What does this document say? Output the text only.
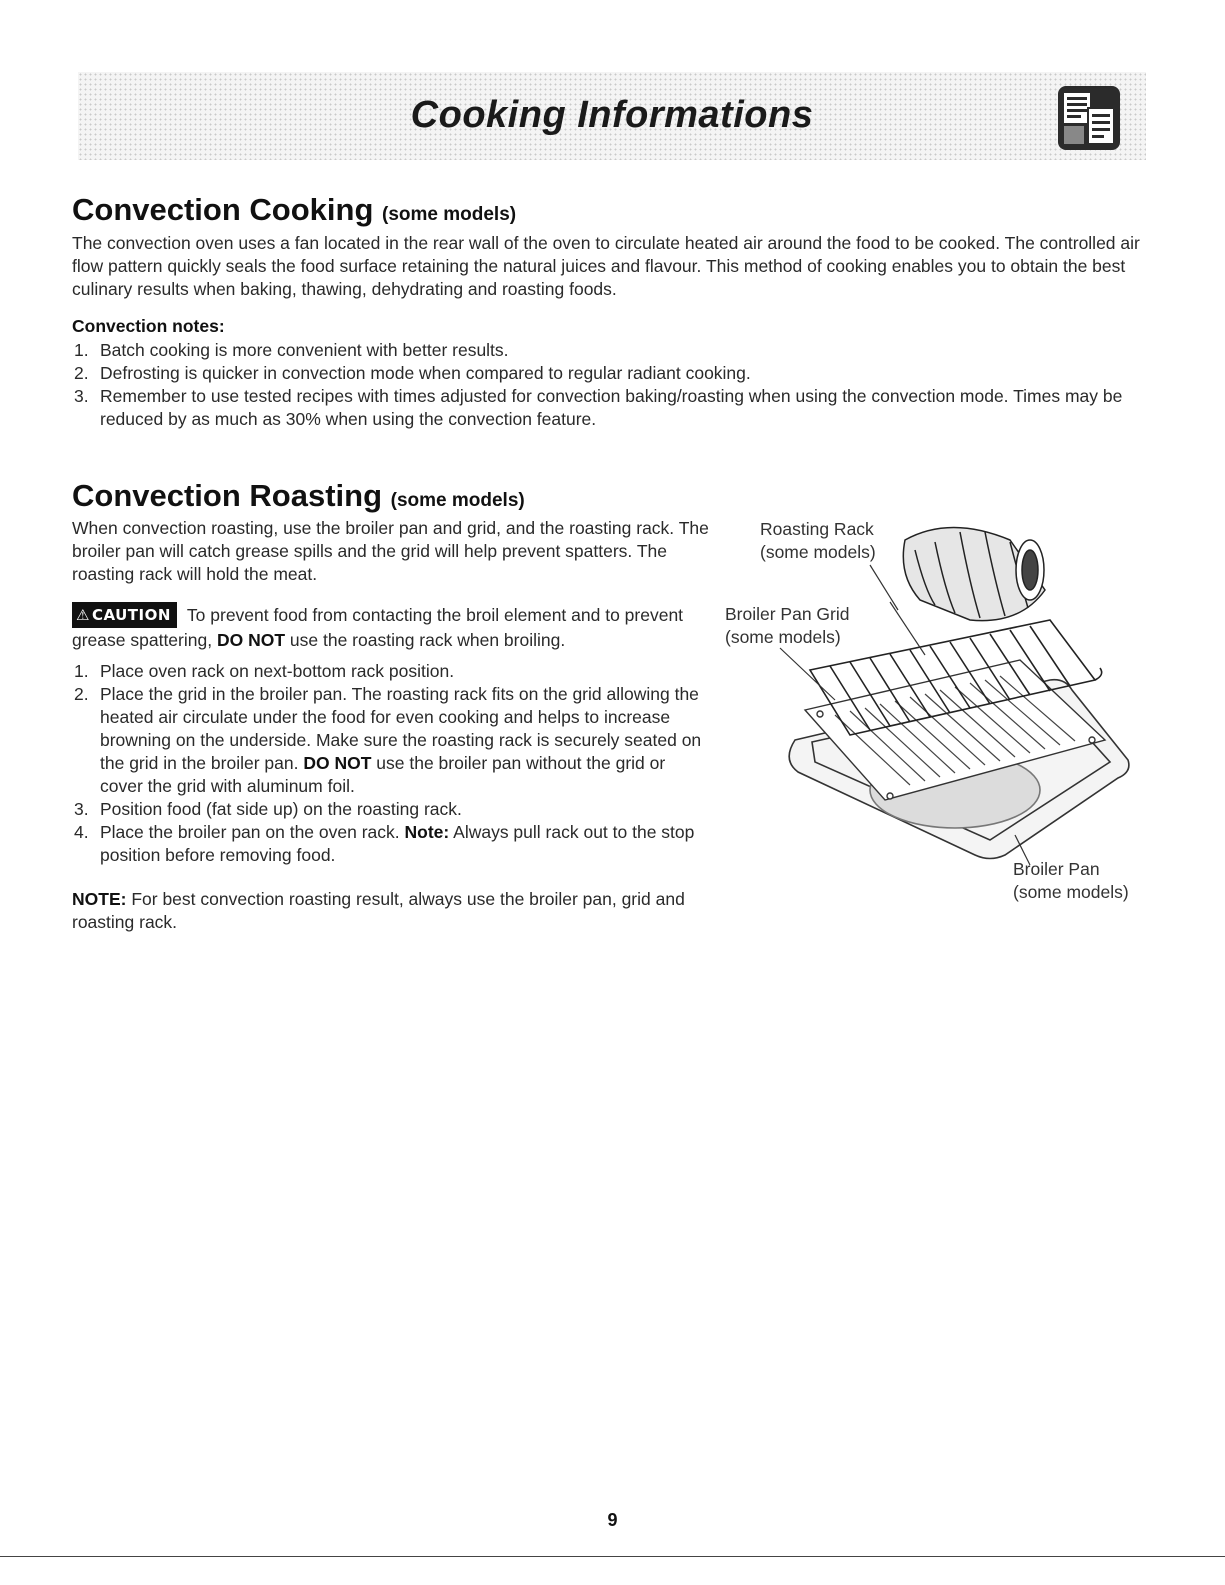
Cooking Informations
Convection Cooking (some models)

The convection oven uses a fan located in the rear wall of the oven to circulate heated air around the food to be cooked. The controlled air flow pattern quickly seals the food surface retaining the natural juices and flavour. This method of cooking enables you to obtain the best culinary results when baking, thawing, dehydrating and roasting foods.

Convection notes:
1. Batch cooking is more convenient with better results.
2. Defrosting is quicker in convection mode when compared to regular radiant cooking.
3. Remember to use tested recipes with times adjusted for convection baking/roasting when using the convection mode. Times may be reduced by as much as 30% when using the convection feature.
Convection Roasting (some models)

When convection roasting, use the broiler pan and grid, and the roasting rack. The broiler pan will catch grease spills and the grid will help prevent spatters. The roasting rack will hold the meat.

⚠ CAUTION To prevent food from contacting the broil element and to prevent grease spattering, DO NOT use the roasting rack when broiling.
1. Place oven rack on next-bottom rack position.
2. Place the grid in the broiler pan. The roasting rack fits on the grid allowing the heated air circulate under the food for even cooking and helps to increase browning on the underside. Make sure the roasting rack is securely seated on the grid in the broiler pan. DO NOT use the broiler pan without the grid or cover the grid with aluminum foil.
3. Position food (fat side up) on the roasting rack.
4. Place the broiler pan on the oven rack. Note: Always pull rack out to the stop position before removing food.

NOTE: For best convection roasting result, always use the broiler pan, grid and roasting rack.

Roasting Rack
(some models)
Broiler Pan Grid
(some models)
Broiler Pan
(some models)
9
